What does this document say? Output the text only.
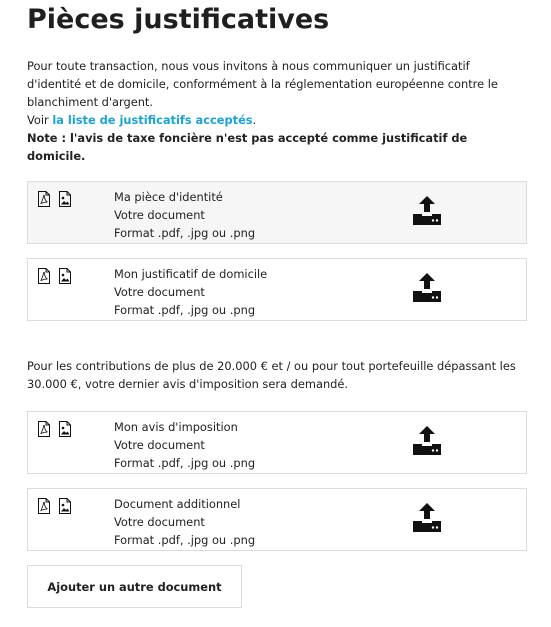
Pièces justificatives

Pour toute transaction, nous vous invitons à nous communiquer un justificatif d'identité et de domicile, conformément à la réglementation européenne contre le blanchiment d'argent.

Voir la liste de justificatifs acceptés.

Note : l'avis de taxe foncière n'est pas accepté comme justificatif de domicile.

Ma pièce d'identité
Votre document
Format .pdf, .jpg ou .png
Mon justificatif de domicile
Votre document
Format .pdf, .jpg ou .png

Pour les contributions de plus de 20.000 € et / ou pour tout portefeuille dépassant les 30.000 €, votre dernier avis d'imposition sera demandé.

Mon avis d'imposition
Votre document
Format .pdf, .jpg ou .png
Document additionnel
Votre document
Format .pdf, .jpg ou .png
Ajouter un autre document
